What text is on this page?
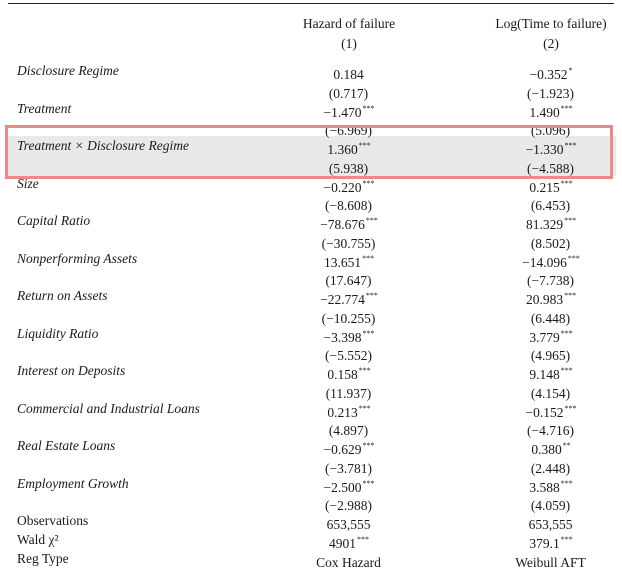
Hazard of failure	Log(Time to failure)
(1)	(2)
Disclosure Regime	0.184	−0.352*
(0.717)	(−1.923)
Treatment	−1.470***	1.490***
(−6.969)	(5.096)
Treatment × Disclosure Regime	1.360***	−1.330***
(5.938)	(−4.588)
Size	−0.220***	0.215***
(−8.608)	(6.453)
Capital Ratio	−78.676***	81.329***
(−30.755)	(8.502)
Nonperforming Assets	13.651***	−14.096***
(17.647)	(−7.738)
Return on Assets	−22.774***	20.983***
(−10.255)	(6.448)
Liquidity Ratio	−3.398***	3.779***
(−5.552)	(4.965)
Interest on Deposits	0.158***	9.148***
(11.937)	(4.154)
Commercial and Industrial Loans	0.213***	−0.152***
(4.897)	(−4.716)
Real Estate Loans	−0.629***	0.380**
(−3.781)	(2.448)
Employment Growth	−2.500***	3.588***
(−2.988)	(4.059)
Observations	653,555	653,555
Wald χ²	4901***	379.1***
Reg Type	Cox Hazard	Weibull AFT
